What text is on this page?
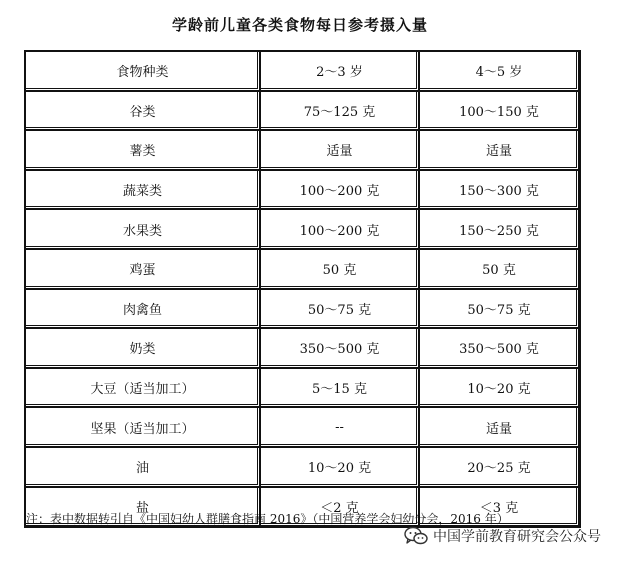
学龄前儿童各类食物每日参考摄入量
食物种类	2～3 岁	4～5 岁
谷类	75～125 克	100～150 克
薯类	适量	适量
蔬菜类	100～200 克	150～300 克
水果类	100～200 克	150～250 克
鸡蛋	50 克	50 克
肉禽鱼	50～75 克	50～75 克
奶类	350～500 克	350～500 克
大豆（适当加工）	5～15 克	10～20 克
坚果（适当加工）	--	适量
油	10～20 克	20～25 克
盐	＜2 克	＜3 克
注：表中数据转引自《中国妇幼人群膳食指南 2016》（中国营养学会妇幼分会，2016 年）
中国学前教育研究会公众号
